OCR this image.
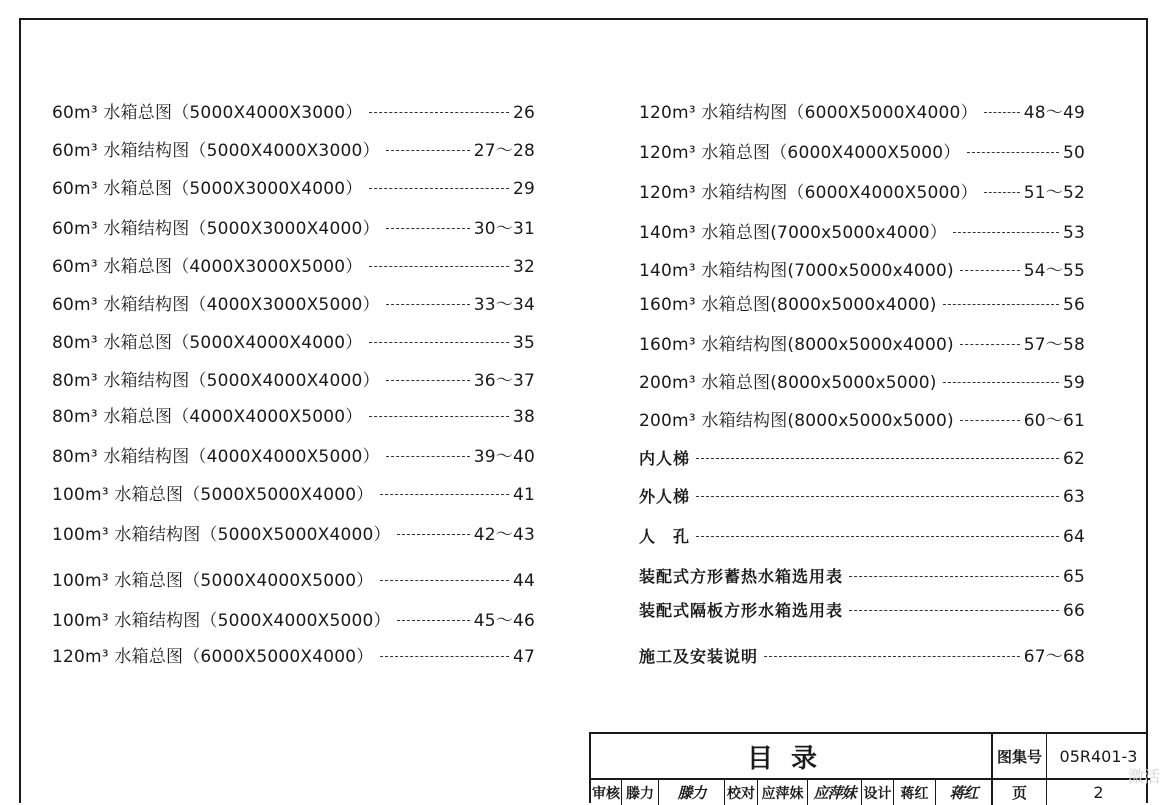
60m³ 水箱总图（5000X4000X3000）	26
60m³ 水箱结构图（5000X4000X3000）	27～28
60m³ 水箱总图（5000X3000X4000）	29
60m³ 水箱结构图（5000X3000X4000）	30～31
60m³ 水箱总图（4000X3000X5000）	32
60m³ 水箱结构图（4000X3000X5000）	33～34
80m³ 水箱总图（5000X4000X4000）	35
80m³ 水箱结构图（5000X4000X4000）	36～37
80m³ 水箱总图（4000X4000X5000）	38
80m³ 水箱结构图（4000X4000X5000）	39～40
100m³ 水箱总图（5000X5000X4000）	41
100m³ 水箱结构图（5000X5000X4000）	42～43
100m³ 水箱总图（5000X4000X5000）	44
100m³ 水箱结构图（5000X4000X5000）	45～46
120m³ 水箱总图（6000X5000X4000）	47
120m³ 水箱结构图（6000X5000X4000）	48～49
120m³ 水箱总图（6000X4000X5000）	50
120m³ 水箱结构图（6000X4000X5000）	51～52
140m³ 水箱总图(7000x5000x4000）	53
140m³ 水箱结构图(7000x5000x4000)	54～55
160m³ 水箱总图(8000x5000x4000)	56
160m³ 水箱结构图(8000x5000x4000)	57～58
200m³ 水箱总图(8000x5000x5000)	59
200m³ 水箱结构图(8000x5000x5000)	60～61
内人梯	62
外人梯	63
人　孔	64
装配式方形蓄热水箱选用表	65
装配式隔板方形水箱选用表	66
施工及安装说明	67～68
目录	图集号	05R401-3
审核 滕力	滕力	校对 应萍妹 应萍妹 设计 蒋红	蒋红	页	2
激活
